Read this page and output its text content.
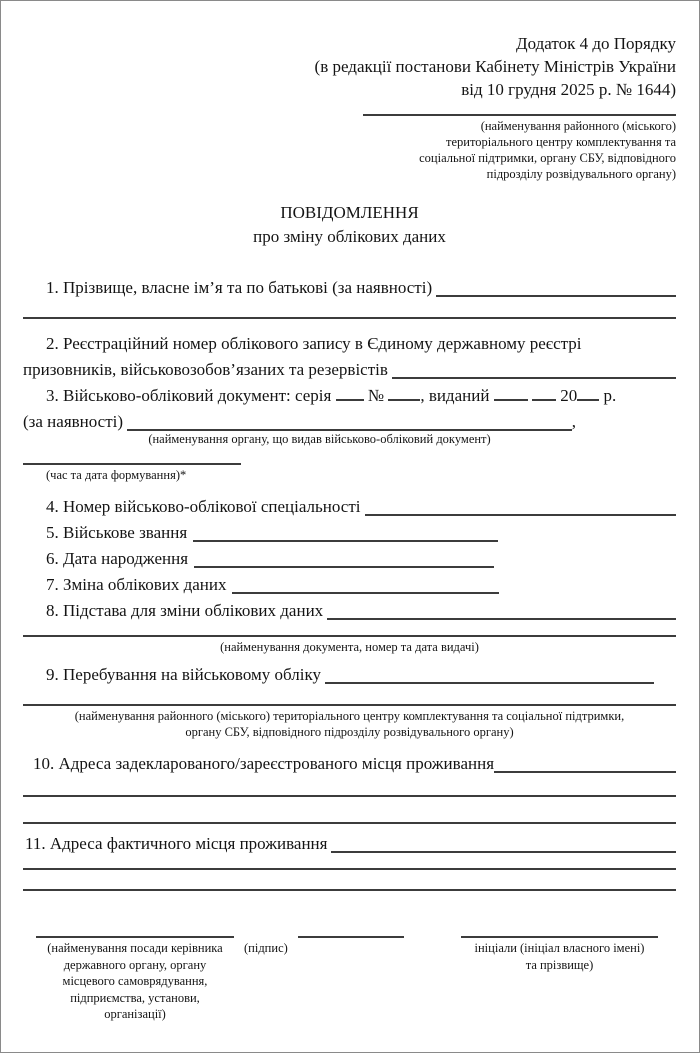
Додаток 4 до Порядку
(в редакції постанови Кабінету Міністрів України
від 10 грудня 2025 р. № 1644)
(найменування районного (міського)
територіального центру комплектування та
соціальної підтримки, органу СБУ, відповідного
підрозділу розвідувального органу)
ПОВІДОМЛЕННЯ
про зміну облікових даних
1. Прізвище, власне ім’я та по батькові (за наявності)
2. Реєстраційний номер облікового запису в Єдиному державному реєстрі
призовників, військовозобов’язаних та резервістів
3. Військово-обліковий документ: серія № , виданий	20 р.
(за наявності)	,
(найменування органу, що видав військово-обліковий документ)
(час та дата формування)*
4. Номер військово-облікової спеціальності
5. Військове звання
6. Дата народження
7. Зміна облікових даних
8. Підстава для зміни облікових даних
(найменування документа, номер та дата видачі)
9. Перебування на військовому обліку
(найменування районного (міського) територіального центру комплектування та соціальної підтримки,
органу СБУ, відповідного підрозділу розвідувального органу)
10. Адреса задекларованого/зареєстрованого місця проживання
11. Адреса фактичного місця проживання
(найменування посади керівника
державного органу, органу
місцевого самоврядування,
підприємства, установи,
організації)
(підпис)	ініціали (ініціал власного імені)
та прізвище)
